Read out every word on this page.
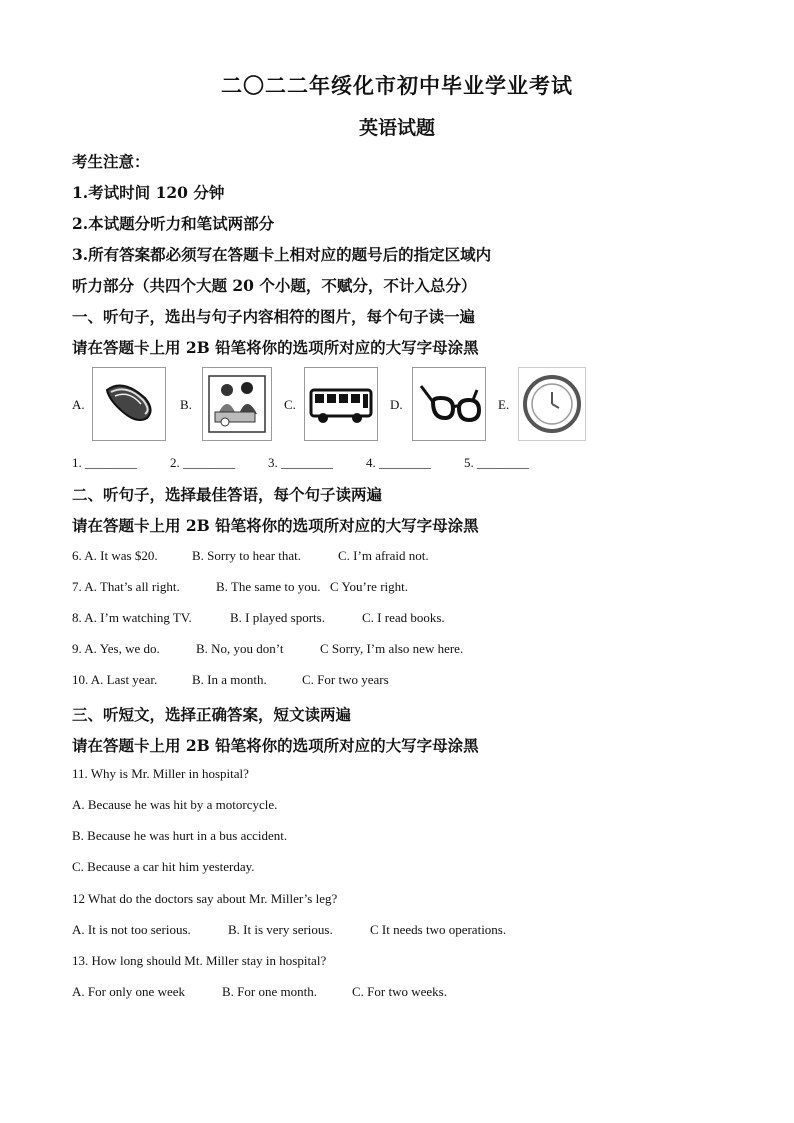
二〇二二年绥化市初中毕业学业考试
英语试题
考生注意：
1.考试时间 120 分钟
2.本试题分听力和笔试两部分
3.所有答案都必须写在答题卡上相对应的题号后的指定区域内
听力部分（共四个大题 20 个小题，不赋分，不计入总分）
一、听句子，选出与句子内容相符的图片，每个句子读一遍
请在答题卡上用 2B 铅笔将你的选项所对应的大写字母涂黑
A.	B.	C.	D.	E.
1. ________	2. ________	3. ________	4. ________	5. ________
二、听句子，选择最佳答语，每个句子读两遍
请在答题卡上用 2B 铅笔将你的选项所对应的大写字母涂黑
6. A. It was $20.	B. Sorry to hear that.	C. I’m afraid not.
7. A. That’s all right.	B. The same to you. C You’re right.
8. A. I’m watching TV.	B. I played sports.	C. I read books.
9. A. Yes, we do.	B. No, you don’t	C Sorry, I’m also new here.
10. A. Last year.	B. In a month.	C. For two years
三、听短文，选择正确答案，短文读两遍
请在答题卡上用 2B 铅笔将你的选项所对应的大写字母涂黑
11. Why is Mr. Miller in hospital?
A. Because he was hit by a motorcycle.
B. Because he was hurt in a bus accident.
C. Because a car hit him yesterday.
12 What do the doctors say about Mr. Miller’s leg?
A. It is not too serious.	B. It is very serious.	C It needs two operations.
13. How long should Mt. Miller stay in hospital?
A. For only one week	B. For one month.	C. For two weeks.
